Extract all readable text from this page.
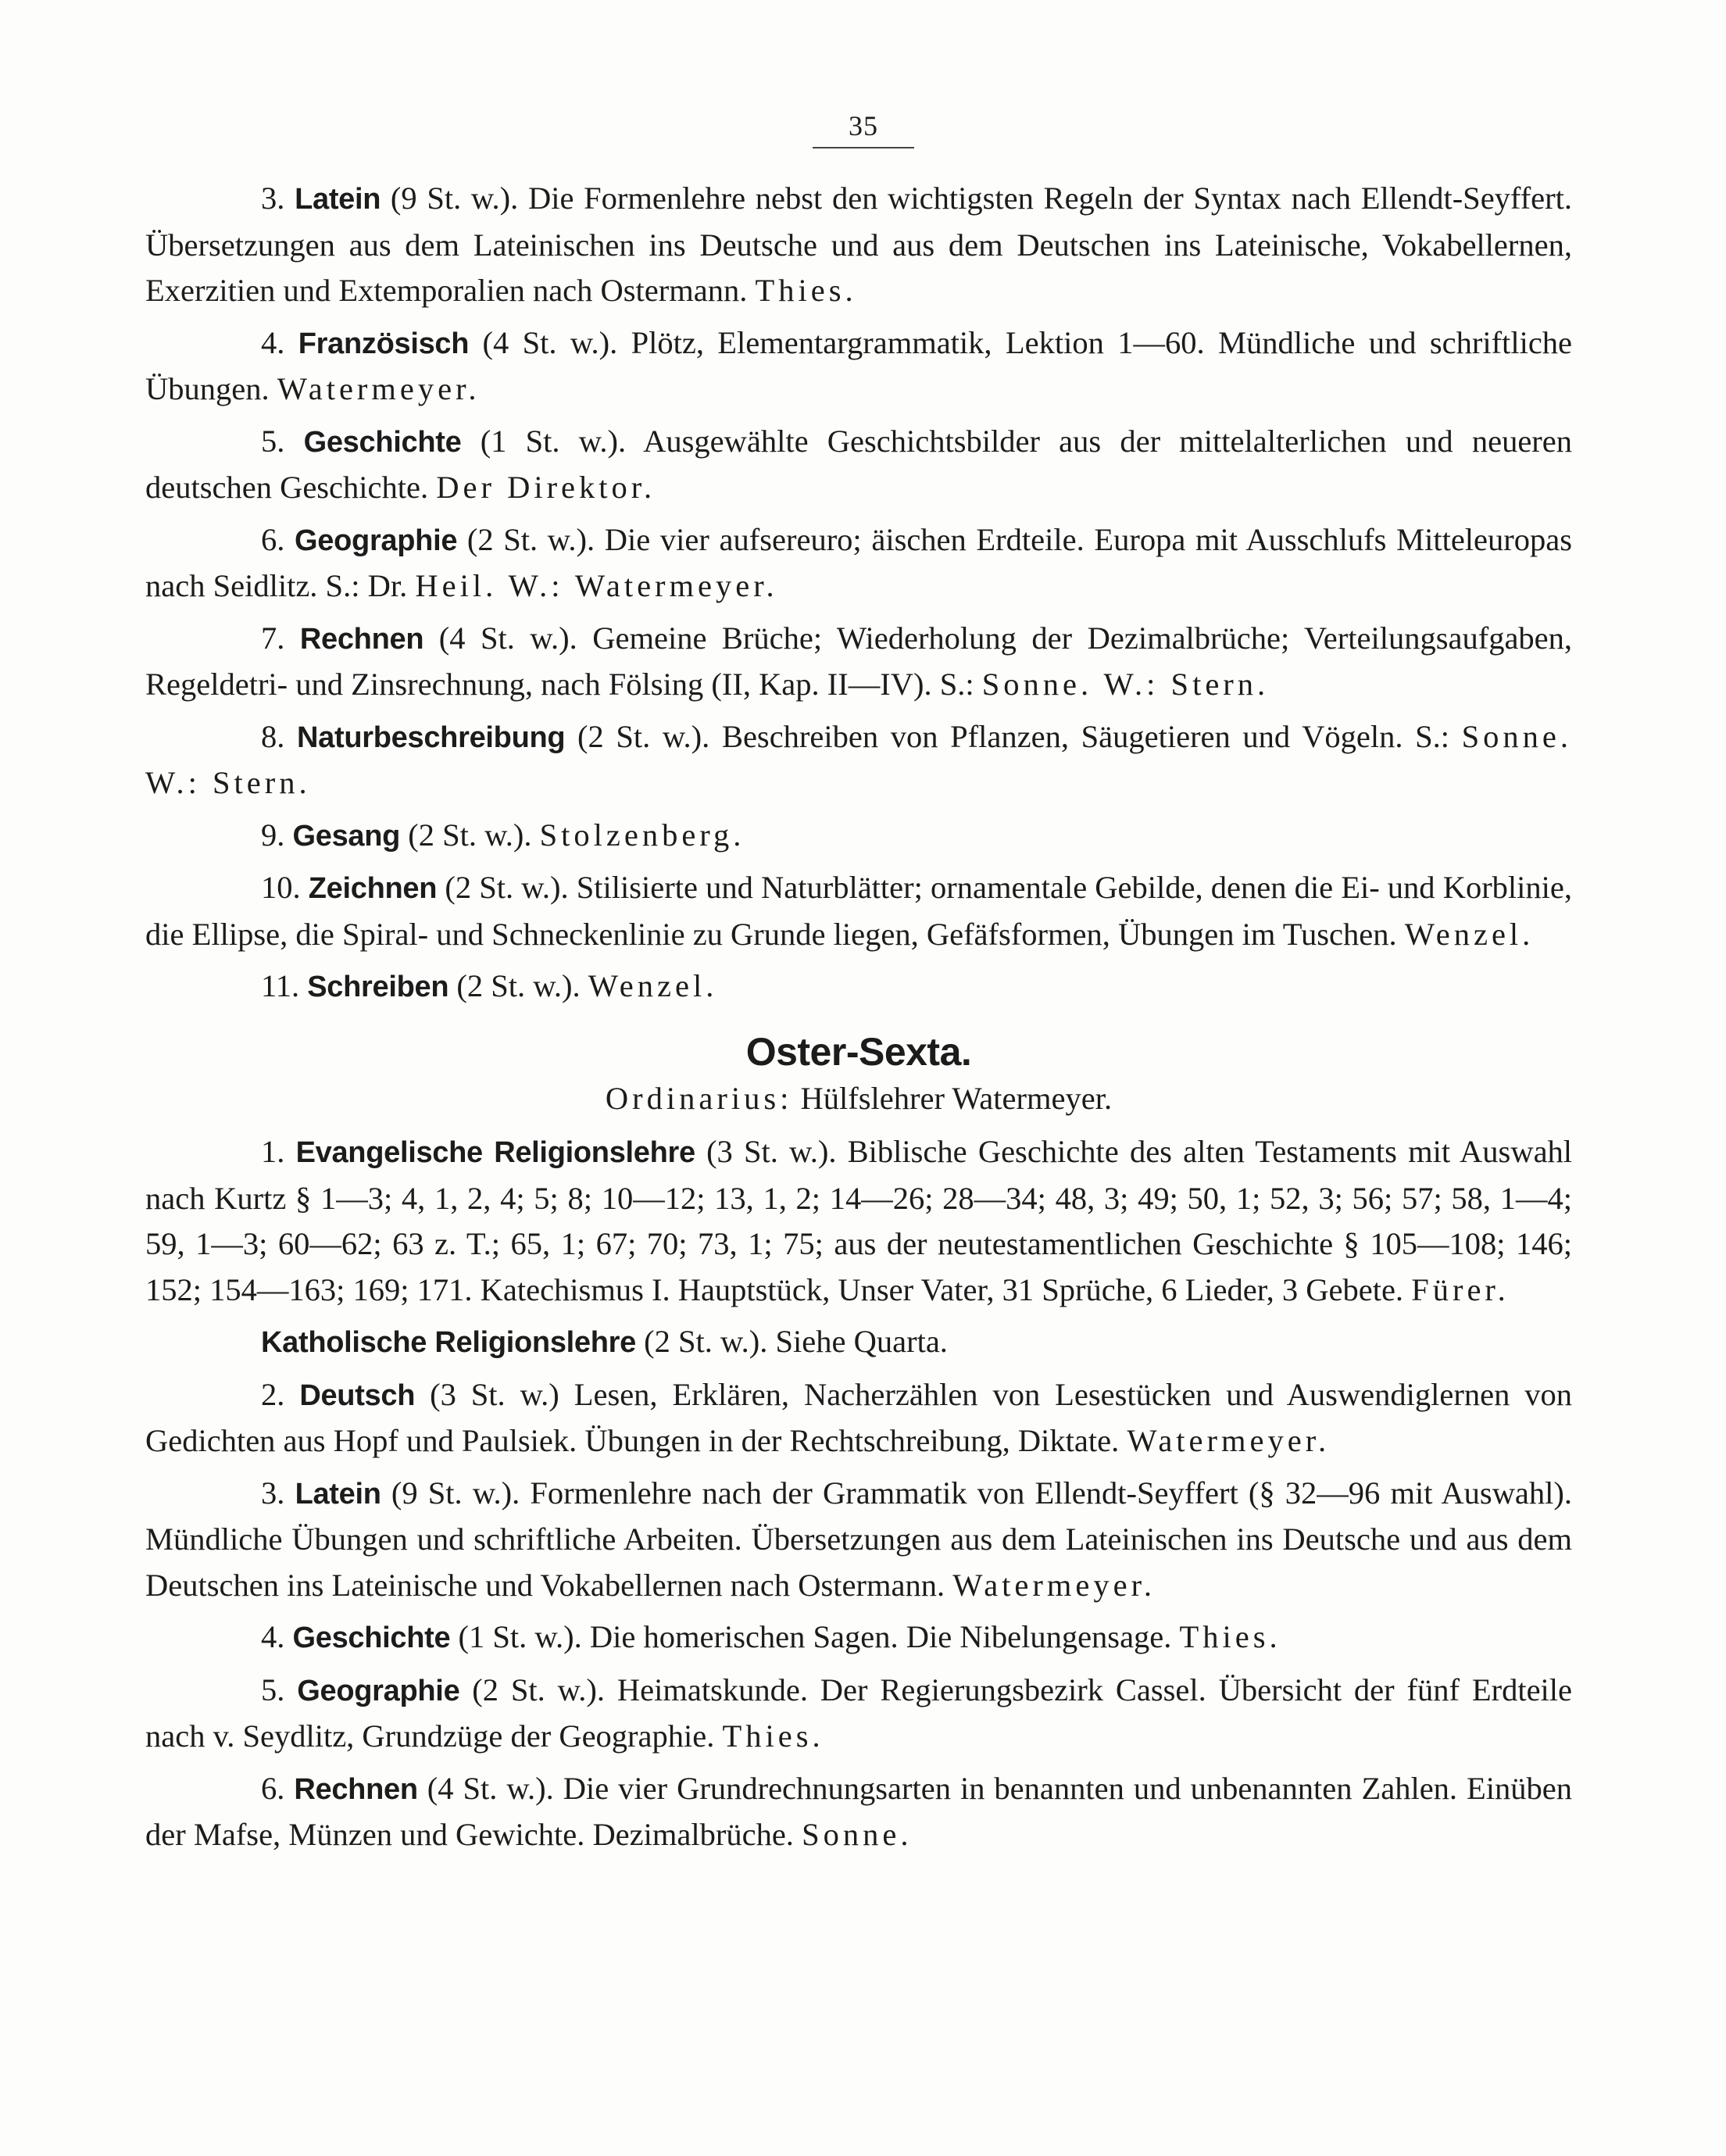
35

3. Latein (9 St. w.). Die Formenlehre nebst den wichtigsten Regeln der Syntax nach Ellendt-Seyffert. Übersetzungen aus dem Lateinischen ins Deutsche und aus dem Deutschen ins Lateinische, Vokabellernen, Exerzitien und Extemporalien nach Ostermann. Thies.

4. Französisch (4 St. w.). Plötz, Elementargrammatik, Lektion 1—60. Mündliche und schriftliche Übungen. Watermeyer.

5. Geschichte (1 St. w.). Ausgewählte Geschichtsbilder aus der mittelalterlichen und neueren deutschen Geschichte. Der Direktor.

6. Geographie (2 St. w.). Die vier aufsereuro; äischen Erdteile. Europa mit Ausschlufs Mitteleuropas nach Seidlitz. S.: Dr. Heil. W.: Watermeyer.

7. Rechnen (4 St. w.). Gemeine Brüche; Wiederholung der Dezimalbrüche; Verteilungsaufgaben, Regeldetri- und Zinsrechnung, nach Fölsing (II, Kap. II—IV). S.: Sonne. W.: Stern.

8. Naturbeschreibung (2 St. w.). Beschreiben von Pflanzen, Säugetieren und Vögeln. S.: Sonne. W.: Stern.

9. Gesang (2 St. w.). Stolzenberg.

10. Zeichnen (2 St. w.). Stilisierte und Naturblätter; ornamentale Gebilde, denen die Ei- und Korblinie, die Ellipse, die Spiral- und Schneckenlinie zu Grunde liegen, Gefäfsformen, Übungen im Tuschen. Wenzel.

11. Schreiben (2 St. w.). Wenzel.

Oster-Sexta.
Ordinarius: Hülfslehrer Watermeyer.

1. Evangelische Religionslehre (3 St. w.). Biblische Geschichte des alten Testaments mit Auswahl nach Kurtz § 1—3; 4, 1, 2, 4; 5; 8; 10—12; 13, 1, 2; 14—26; 28—34; 48, 3; 49; 50, 1; 52, 3; 56; 57; 58, 1—4; 59, 1—3; 60—62; 63 z. T.; 65, 1; 67; 70; 73, 1; 75; aus der neutestamentlichen Geschichte § 105—108; 146; 152; 154—163; 169; 171. Katechismus I. Hauptstück, Unser Vater, 31 Sprüche, 6 Lieder, 3 Gebete. Fürer.

Katholische Religionslehre (2 St. w.). Siehe Quarta.

2. Deutsch (3 St. w.) Lesen, Erklären, Nacherzählen von Lesestücken und Auswendiglernen von Gedichten aus Hopf und Paulsiek. Übungen in der Rechtschreibung, Diktate. Watermeyer.

3. Latein (9 St. w.). Formenlehre nach der Grammatik von Ellendt-Seyffert (§ 32—96 mit Auswahl). Mündliche Übungen und schriftliche Arbeiten. Übersetzungen aus dem Lateinischen ins Deutsche und aus dem Deutschen ins Lateinische und Vokabellernen nach Ostermann. Watermeyer.

4. Geschichte (1 St. w.). Die homerischen Sagen. Die Nibelungensage. Thies.

5. Geographie (2 St. w.). Heimatskunde. Der Regierungsbezirk Cassel. Übersicht der fünf Erdteile nach v. Seydlitz, Grundzüge der Geographie. Thies.

6. Rechnen (4 St. w.). Die vier Grundrechnungsarten in benannten und unbenannten Zahlen. Einüben der Mafse, Münzen und Gewichte. Dezimalbrüche. Sonne.
